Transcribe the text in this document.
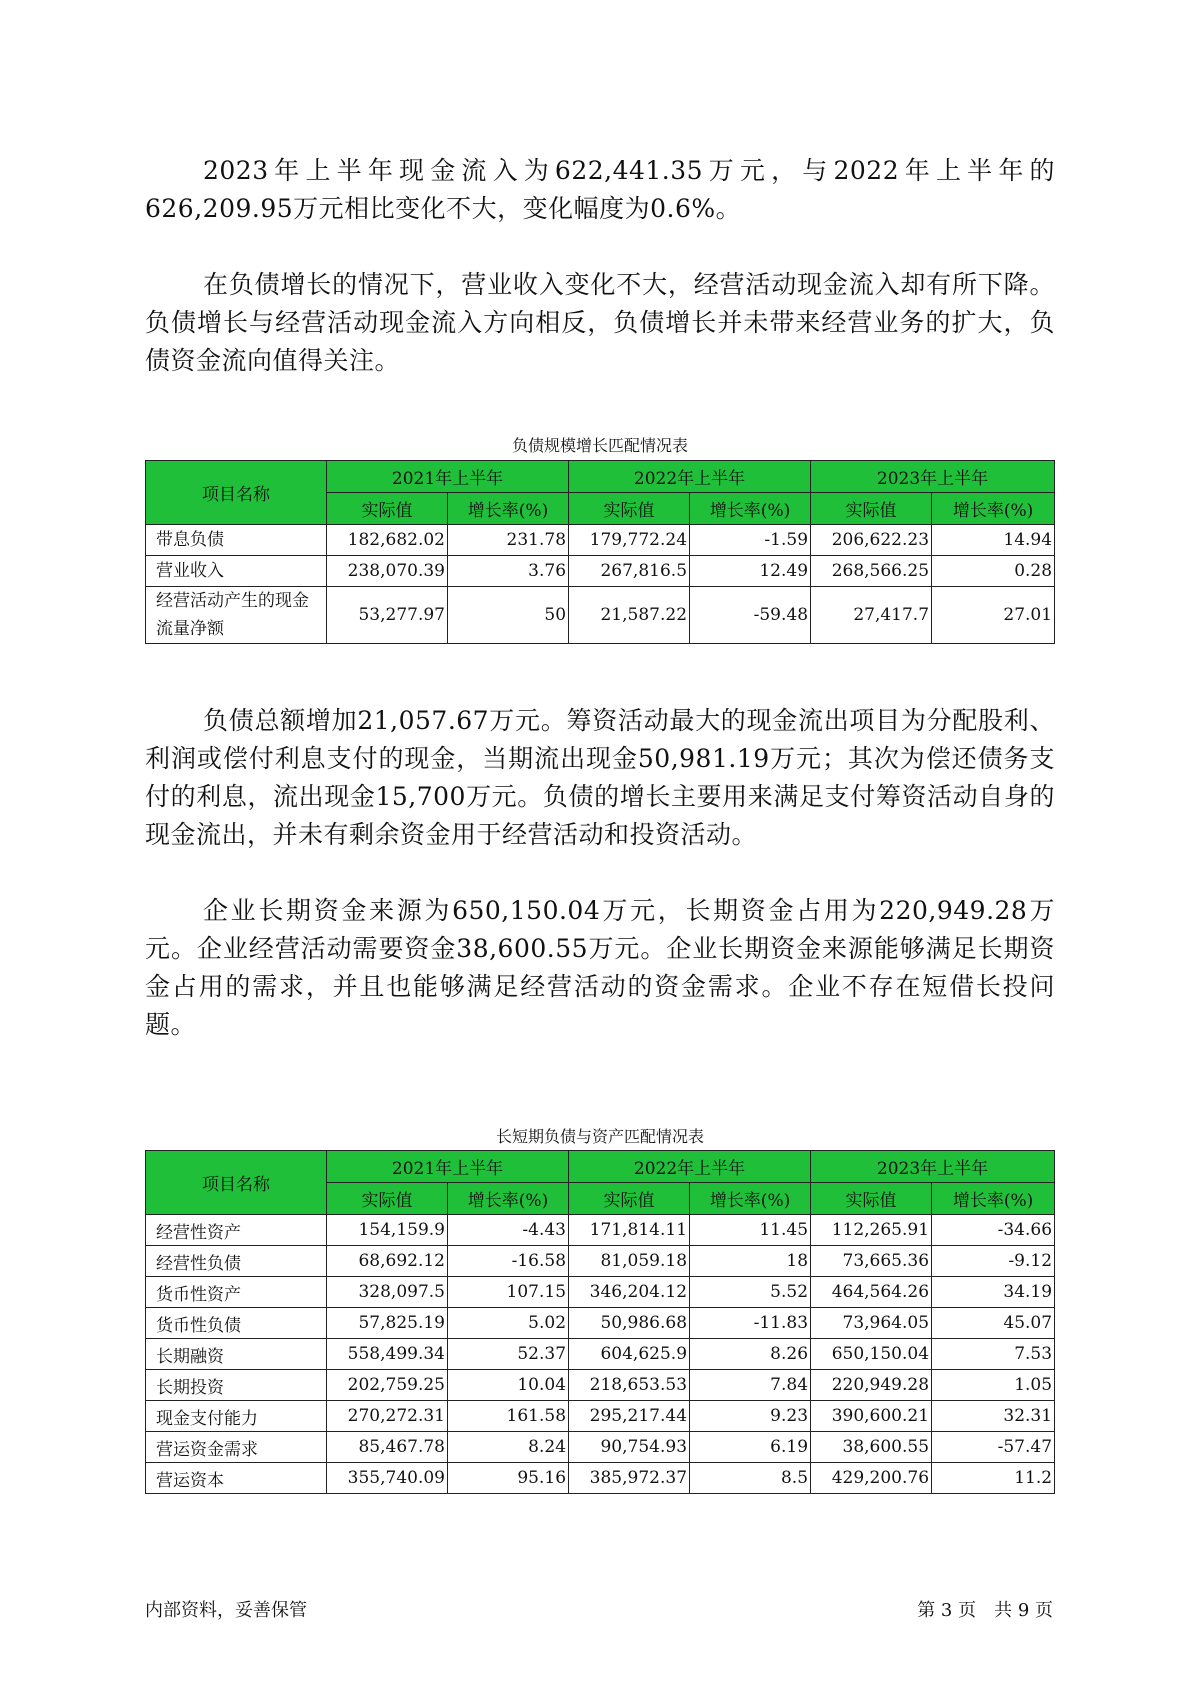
2023年上半年现金流入为622,441.35万元，与2022年上半年的626,209.95万元相比变化不大，变化幅度为0.6%。

在负债增长的情况下，营业收入变化不大，经营活动现金流入却有所下降。负债增长与经营活动现金流入方向相反，负债增长并未带来经营业务的扩大，负债资金流向值得关注。

负债规模增长匹配情况表
项目名称	2021年上半年		2022年上半年		2023年上半年	
	实际值	增长率(%)	实际值	增长率(%)	实际值	增长率(%)
带息负债	182,682.02	231.78	179,772.24	-1.59	206,622.23	14.94
营业收入	238,070.39	3.76	267,816.5	12.49	268,566.25	0.28
经营活动产生的现金流量净额	53,277.97	50	21,587.22	-59.48	27,417.7	27.01

负债总额增加21,057.67万元。筹资活动最大的现金流出项目为分配股利、利润或偿付利息支付的现金，当期流出现金50,981.19万元；其次为偿还债务支付的利息，流出现金15,700万元。负债的增长主要用来满足支付筹资活动自身的现金流出，并未有剩余资金用于经营活动和投资活动。

企业长期资金来源为650,150.04万元，长期资金占用为220,949.28万元。企业经营活动需要资金38,600.55万元。企业长期资金来源能够满足长期资金占用的需求，并且也能够满足经营活动的资金需求。企业不存在短借长投问题。

长短期负债与资产匹配情况表
项目名称	2021年上半年		2022年上半年		2023年上半年	
	实际值	增长率(%)	实际值	增长率(%)	实际值	增长率(%)
经营性资产	154,159.9	-4.43	171,814.11	11.45	112,265.91	-34.66
经营性负债	68,692.12	-16.58	81,059.18	18	73,665.36	-9.12
货币性资产	328,097.5	107.15	346,204.12	5.52	464,564.26	34.19
货币性负债	57,825.19	5.02	50,986.68	-11.83	73,964.05	45.07
长期融资	558,499.34	52.37	604,625.9	8.26	650,150.04	7.53
长期投资	202,759.25	10.04	218,653.53	7.84	220,949.28	1.05
现金支付能力	270,272.31	161.58	295,217.44	9.23	390,600.21	32.31
营运资金需求	85,467.78	8.24	90,754.93	6.19	38,600.55	-57.47
营运资本	355,740.09	95.16	385,972.37	8.5	429,200.76	11.2
内部资料，妥善保管	第 3 页　共 9 页
